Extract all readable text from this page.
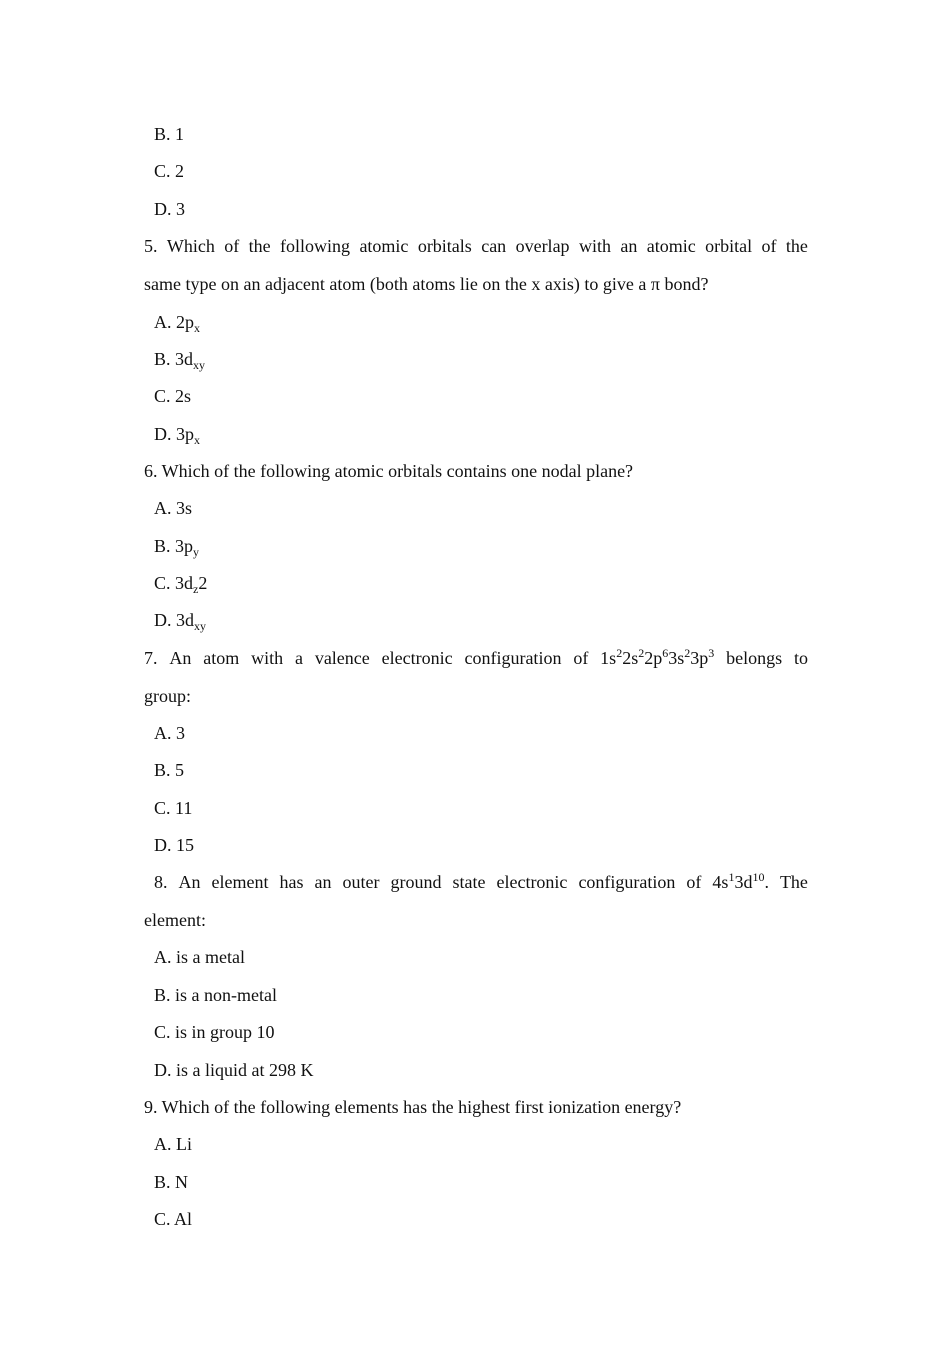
B. 1
C. 2
D. 3
5. Which of the following atomic orbitals can overlap with an atomic orbital of the
same type on an adjacent atom (both atoms lie on the x axis) to give a π bond?
A. $2p_x$
B. $3d_{xy}$
C. 2s
D. $3p_x$
6. Which of the following atomic orbitals contains one nodal plane?
A. 3s
B. $3p_y$
C. $3d_z2$
D. $3d_{xy}$
7. An atom with a valence electronic configuration of $1s^22s^22p^63s^23p^3$ belongs to
group:
A. 3
B. 5
C. 11
D. 15
8. An element has an outer ground state electronic configuration of $4s^13d^{10}$. The
element:
A. is a metal
B. is a non-metal
C. is in group 10
D. is a liquid at 298 K
9. Which of the following elements has the highest first ionization energy?
A. Li
B. N
C. Al
